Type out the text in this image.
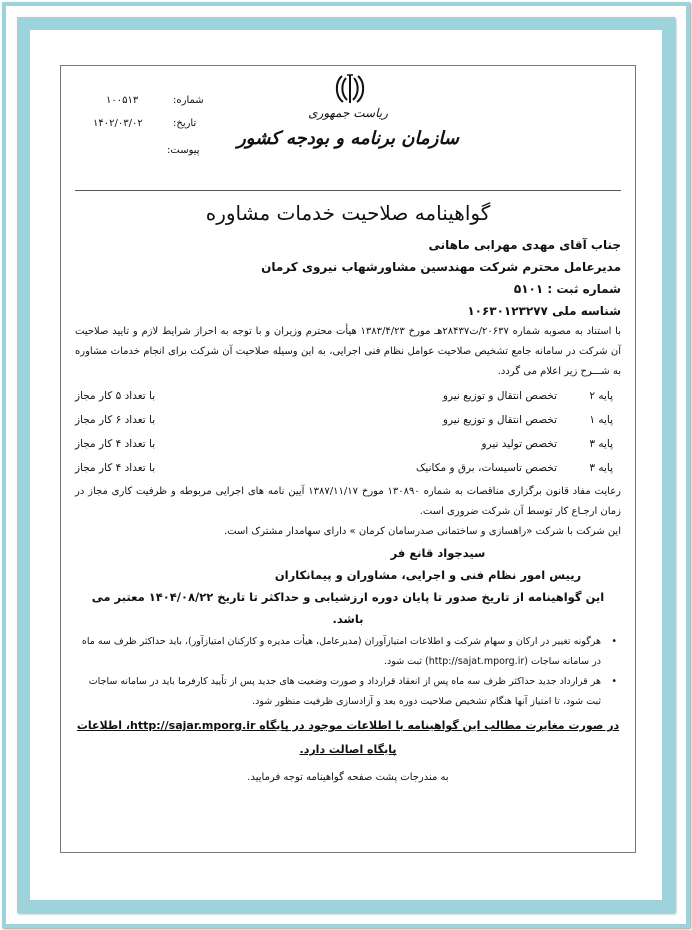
ریاست جمهوری
سازمان برنامه و بودجه کشور
شماره:
۱۰۰۵۱۳
تاریخ:
۱۴۰۲/۰۳/۰۲
پیوست:
گواهینامه صلاحیت خدمات مشاوره
جناب آقای مهدی مهرابی ماهانی
مدیرعامل محترم شرکت مهندسین مشاورشهاب نیروی کرمان
شماره ثبت : ۵۱۰۱
شناسه ملی ۱۰۶۳۰۱۲۳۲۷۷
با استناد به مصوبه شماره ۲۰۶۳۷/ت۲۸۴۳۷هـ مورخ ۱۳۸۳/۴/۲۳ هیأت محترم وزیران و با توجه به احراز شرایط لازم و تایید صلاحیت آن شرکت در سامانه جامع تشخیص صلاحیت عوامل نظام فنی اجرایی، به این وسیله صلاحیت آن شرکت برای انجام خدمات مشاوره به شـــرح زیر اعلام می گردد.
پایه ۲
تخصص انتقال و توزیع نیرو
با تعداد ۵ کار مجاز
پایه ۱
تخصص انتقال و توزیع نیرو
با تعداد ۶ کار مجاز
پایه ۳
تخصص تولید نیرو
با تعداد ۴ کار مجاز
پایه ۳
تخصص تاسیسات، برق و مکانیک
با تعداد ۴ کار مجاز
رعایت مفاد قانون برگزاری مناقصات به شماره ۱۳۰۸۹۰ مورخ ۱۳۸۷/۱۱/۱۷ آیین نامه های اجرایی مربوطه و ظرفیت کاری مجاز در زمان ارجـاع کار توسط آن شرکت ضروری است.
این شرکت با شرکت «راهسازی و ساختمانی صدرسامان کرمان » دارای سهامدار مشترک است.
سیدجواد قانع فر
رییس امور نظام فنی و اجرایی، مشاوران و پیمانکاران
این گواهینامه از تاریخ صدور تا پایان دوره ارزشیابی و حداکثر تا تاریخ ۱۴۰۴/۰۸/۲۲ معتبر می باشد.
•
هرگونه تغییر در ارکان و سهام شرکت و اطلاعات امتیازآوران (مدیرعامل، هیأت مدیره و کارکنان امتیازآور)، باید حداکثر ظرف سه ماه در سامانه ساجات (http://sajat.mporg.ir) ثبت شود.
•
هر قرارداد جدید حداکثر ظرف سه ماه پس از انعقاد قرارداد و صورت وضعیت های جدید پس از تأیید کارفرما باید در سامانه ساجات ثبت شود، تا امتیاز آنها هنگام تشخیص صلاحیت دوره بعد و آزادسازی ظرفیت منظور شود.
در صورت مغایرت مطالب این گواهینامه با اطلاعات موجود در پایگاه http://sajar.mporg.ir، اطلاعات پایگاه اصالت دارد.
به مندرجات پشت صفحه گواهینامه توجه فرمایید.
